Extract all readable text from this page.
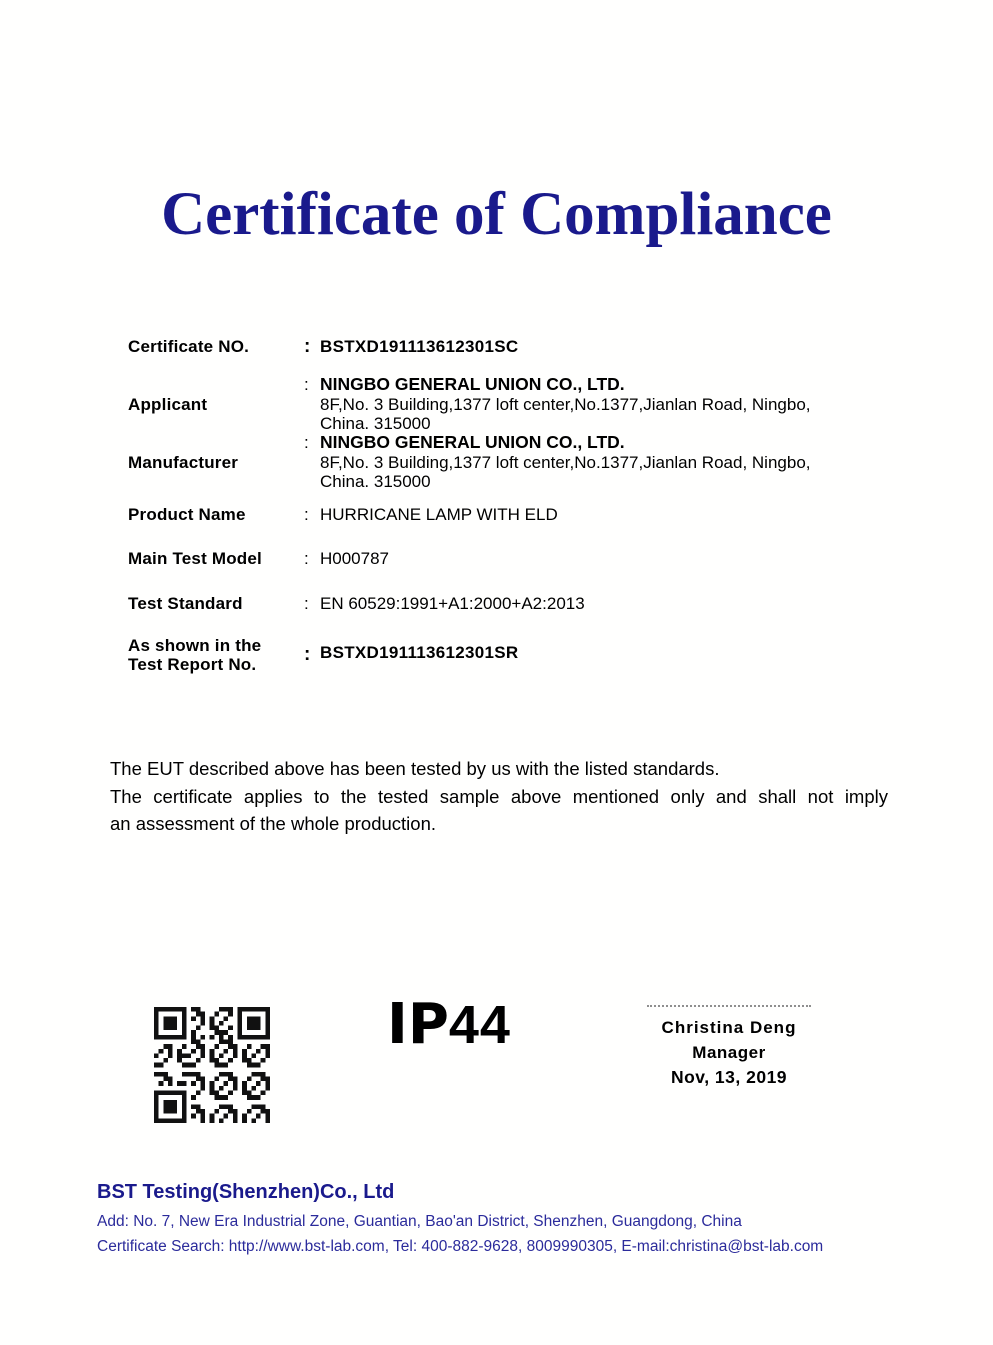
Certificate of Compliance
Certificate NO.	: BSTXD191113612301SC
Applicant
: NINGBO GENERAL UNION CO., LTD.
8F,No. 3 Building,1377 loft center,No.1377,Jianlan Road, Ningbo,
China. 315000
Manufacturer
: NINGBO GENERAL UNION CO., LTD.
8F,No. 3 Building,1377 loft center,No.1377,Jianlan Road, Ningbo,
China. 315000
Product Name	: HURRICANE LAMP WITH ELD
Main Test Model	: H000787
Test Standard	: EN 60529:1991+A1:2000+A2:2013
As shown in the
Test Report No.	: BSTXD191113612301SR
The EUT described above has been tested by us with the listed standards.
The certificate applies to the tested sample above mentioned only and shall not imply
an assessment of the whole production.
IP 44	Christina Deng
Manager
Nov, 13, 2019
BST Testing(Shenzhen)Co., Ltd
Add: No. 7, New Era Industrial Zone, Guantian, Bao'an District, Shenzhen, Guangdong, China
Certificate Search: http://www.bst-lab.com, Tel: 400-882-9628, 8009990305, E-mail:christina@bst-lab.com
